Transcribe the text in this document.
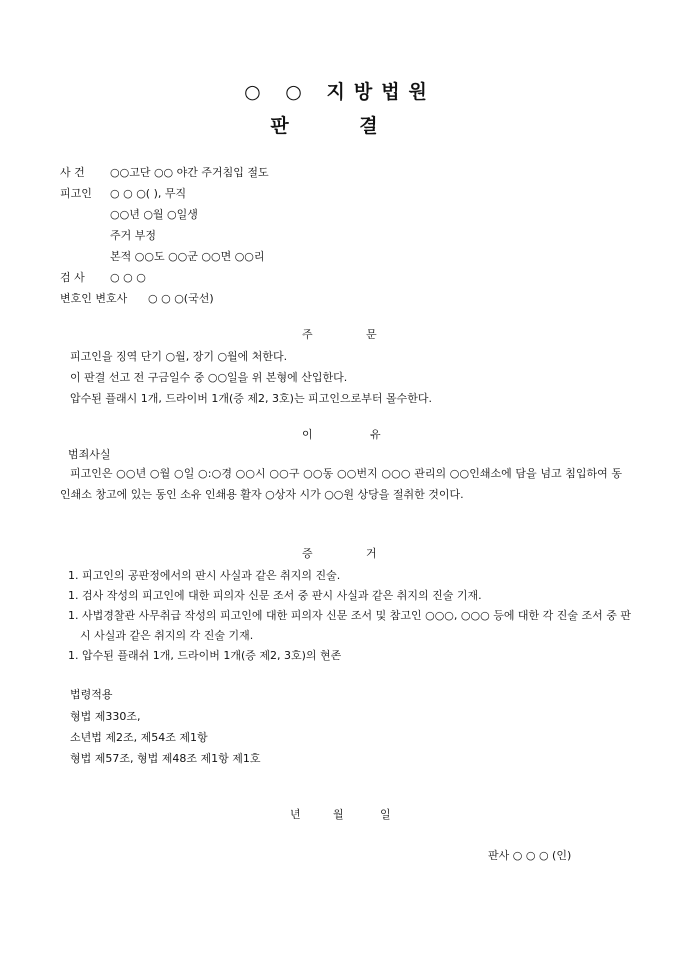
○ ○ 지방법원
판 결
사 건 ○○고단 ○○ 야간 주거침입 절도
피고인 ○ ○ ○( ), 무직
○○년 ○월 ○일생
주거 부정
본적 ○○도 ○○군 ○○면 ○○리
검 사 ○ ○ ○
변호인 변호사 ○ ○ ○(국선)
주	문
피고인을 징역 단기 ○월, 장기 ○월에 처한다.
이 판결 선고 전 구금일수 중 ○○일을 위 본형에 산입한다.
압수된 플래시 1개, 드라이버 1개(증 제2, 3호)는 피고인으로부터 몰수한다.
이	유
범죄사실
피고인은 ○○년 ○월 ○일 ○:○경 ○○시 ○○구 ○○동 ○○번지 ○○○ 관리의 ○○인쇄소에 담을 넘고 침입하여 동 인쇄소 창고에 있는 동인 소유 인쇄용 활자 ○상자 시가 ○○원 상당을 절취한 것이다.
증	거
1. 피고인의 공판정에서의 판시 사실과 같은 취지의 진술.
1. 검사 작성의 피고인에 대한 피의자 신문 조서 중 판시 사실과 같은 취지의 진술 기재.
1. 사법경찰관 사무취급 작성의 피고인에 대한 피의자 신문 조서 및 참고인 ○○○, ○○○ 등에 대한 각 진술 조서 중 판시 사실과 같은 취지의 각 진술 기재.
1. 압수된 플래쉬 1개, 드라이버 1개(증 제2, 3호)의 현존
법령적용
형법 제330조,
소년법 제2조, 제54조 제1항
형법 제57조, 형법 제48조 제1항 제1호
년	월	일
판사 ○ ○ ○ (인)
